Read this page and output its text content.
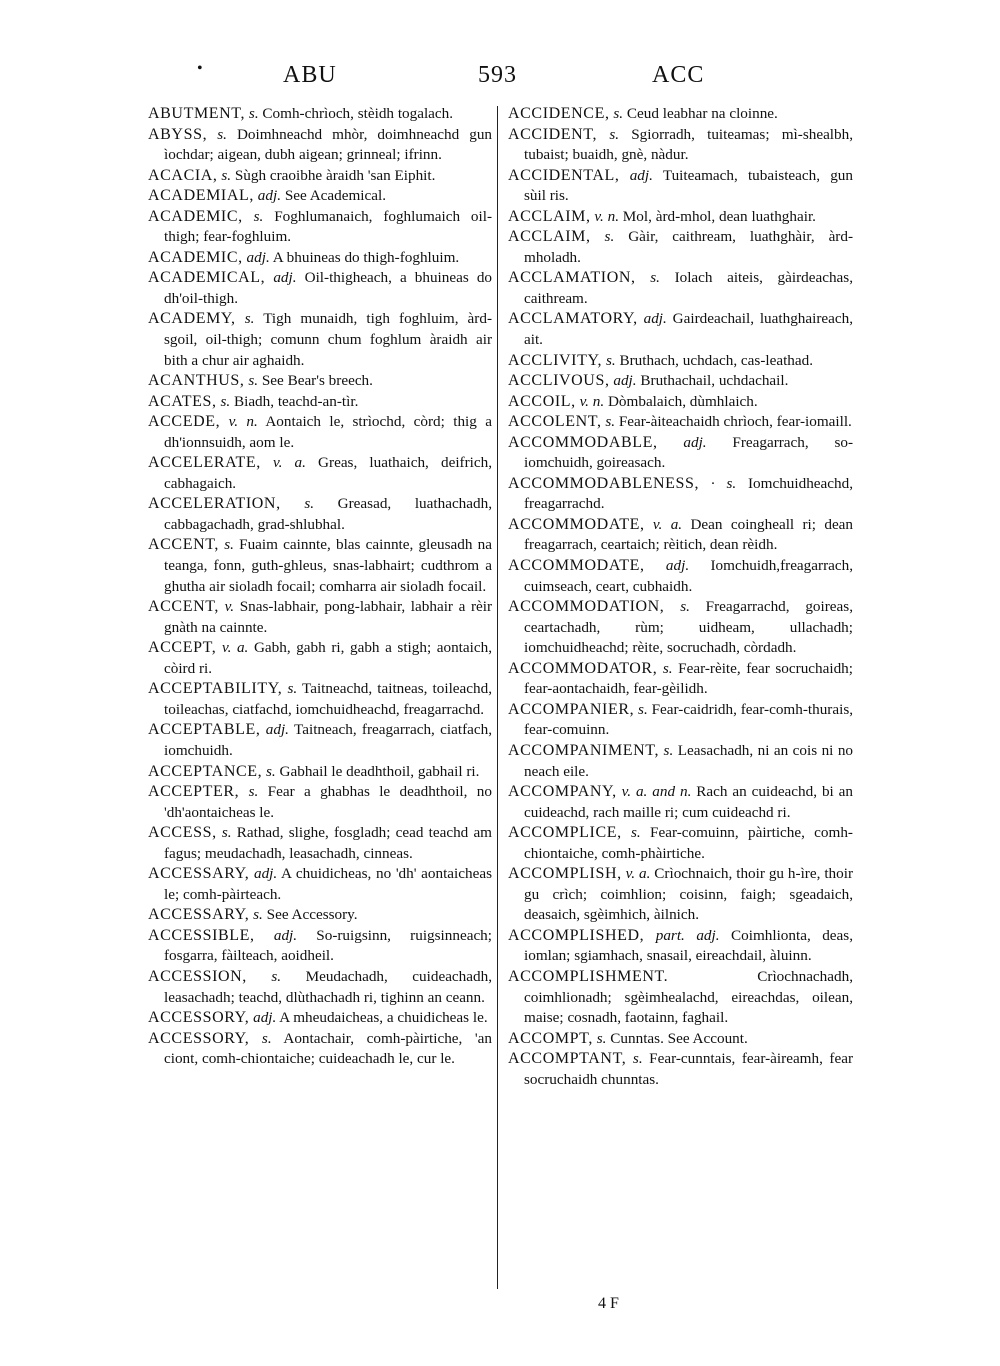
•	ABU	593	ACC

ABUTMENT, s. Comh-chrìoch, stèidh togalach.

ABYSS, s. Doimhneachd mhòr, doimhneachd gun ìochdar; aigean, dubh aigean; grinneal; ifrinn.

ACACIA, s. Sùgh craoibhe àraidh 'san Eiphit.

ACADEMIAL, adj. See Academical.

ACADEMIC, s. Foghlumanaich, foghlumaich oil-thigh; fear-foghluim.

ACADEMIC, adj. A bhuineas do thigh-foghluim.

ACADEMICAL, adj. Oil-thigheach, a bhuineas do dh'oil-thigh.

ACADEMY, s. Tigh munaidh, tigh foghluim, àrd-sgoil, oil-thigh; comunn chum foghlum àraidh air bith a chur air aghaidh.

ACANTHUS, s. See Bear's breech.

ACATES, s. Biadh, teachd-an-tìr.

ACCEDE, v. n. Aontaich le, strìochd, còrd; thig a dh'ionnsuidh, aom le.

ACCELERATE, v. a. Greas, luathaich, deifrich, cabhagaich.

ACCELERATION, s. Greasad, luathachadh, cabbagachadh, grad-shlubhal.

ACCENT, s. Fuaim cainnte, blas cainnte, gleusadh na teanga, fonn, guth-ghleus, snas-labhairt; cudthrom a ghutha air sioladh focail; comharra air sioladh focail.

ACCENT, v. Snas-labhair, pong-labhair, labhair a rèir gnàth na cainnte.

ACCEPT, v. a. Gabh, gabh ri, gabh a stigh; aontaich, còird ri.

ACCEPTABILITY, s. Taitneachd, taitneas, toileachd, toileachas, ciatfachd, iomchuidheachd, freagarrachd.

ACCEPTABLE, adj. Taitneach, freagarrach, ciatfach, iomchuidh.

ACCEPTANCE, s. Gabhail le deadhthoil, gabhail ri.

ACCEPTER, s. Fear a ghabhas le deadhthoil, no 'dh'aontaicheas le.

ACCESS, s. Rathad, slighe, fosgladh; cead teachd am fagus; meudachadh, leasachadh, cinneas.

ACCESSARY, adj. A chuidicheas, no 'dh' aontaicheas le; comh-pàirteach.

ACCESSARY, s. See Accessory.

ACCESSIBLE, adj. So-ruigsinn, ruigsinneach; fosgarra, fàilteach, aoidheil.

ACCESSION, s. Meudachadh, cuideachadh, leasachadh; teachd, dlùthachadh ri, tighinn an ceann.

ACCESSORY, adj. A mheudaicheas, a chuidicheas le.

ACCESSORY, s. Aontachair, comh-pàirtiche, 'an ciont, comh-chiontaiche; cuideachadh le, cur le.

ACCIDENCE, s. Ceud leabhar na cloinne.

ACCIDENT, s. Sgiorradh, tuiteamas; mì-shealbh, tubaist; buaidh, gnè, nàdur.

ACCIDENTAL, adj. Tuiteamach, tubaisteach, gun sùil ris.

ACCLAIM, v. n. Mol, àrd-mhol, dean luathghair.

ACCLAIM, s. Gàir, caithream, luathghàir, àrd-mholadh.

ACCLAMATION, s. Iolach aiteis, gàirdeachas, caithream.

ACCLAMATORY, adj. Gairdeachail, luathghaireach, ait.

ACCLIVITY, s. Bruthach, uchdach, cas-leathad.

ACCLIVOUS, adj. Bruthachail, uchdachail.

ACCOIL, v. n. Dòmbalaich, dùmhlaich.

ACCOLENT, s. Fear-àiteachaidh chrìoch, fear-iomaill.

ACCOMMODABLE, adj. Freagarrach, so-iomchuidh, goireasach.

ACCOMMODABLENESS, · s. Iomchuidheachd, freagarrachd.

ACCOMMODATE, v. a. Dean coingheall ri; dean freagarrach, ceartaich; rèitich, dean rèidh.

ACCOMMODATE, adj. Iomchuidh,freagarrach, cuimseach, ceart, cubhaidh.

ACCOMMODATION, s. Freagarrachd, goireas, ceartachadh, rùm; uidheam, ullachadh; iomchuidheachd; rèite, socruchadh, còrdadh.

ACCOMMODATOR, s. Fear-rèite, fear socruchaidh; fear-aontachaidh, fear-gèilidh.

ACCOMPANIER, s. Fear-caidridh, fear-comh-thurais, fear-comuinn.

ACCOMPANIMENT, s. Leasachadh, ni an cois ni no neach eile.

ACCOMPANY, v. a. and n. Rach an cuideachd, bi an cuideachd, rach maille ri; cum cuideachd ri.

ACCOMPLICE, s. Fear-comuinn, pàirtiche, comh-chiontaiche, comh-phàirtiche.

ACCOMPLISH, v. a. Crìochnaich, thoir gu h-ìre, thoir gu crìch; coimhlion; coisinn, faigh; sgeadaich, deasaich, sgèimhich, àilnich.

ACCOMPLISHED, part. adj. Coimhlionta, deas, iomlan; sgiamhach, snasail, eireachdail, àluinn.

ACCOMPLISHMENT.	Crìochnachadh, coimhlionadh; sgèimhealachd, eireachdas, oilean, maise; cosnadh, faotainn, faghail.

ACCOMPT, s. Cunntas. See Account.

ACCOMPTANT, s. Fear-cunntais, fear-àireamh, fear socruchaidh chunntas.

4 F
